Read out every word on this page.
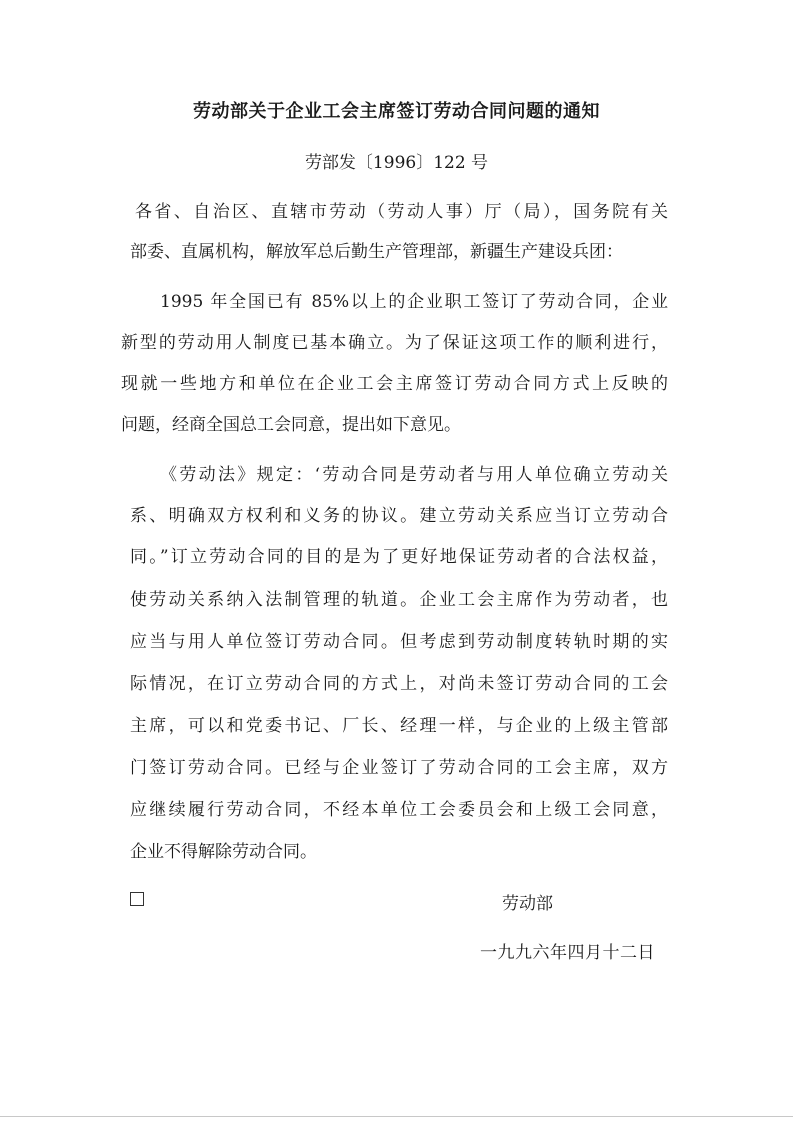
劳动部关于企业工会主席签订劳动合同问题的通知
劳部发〔1996〕122 号
各省、自治区、直辖市劳动（劳动人事）厅（局），国务院有关
部委、直属机构，解放军总后勤生产管理部，新疆生产建设兵团：
1995 年全国已有 85%以上的企业职工签订了劳动合同，企业
新型的劳动用人制度已基本确立。为了保证这项工作的顺利进行，
现就一些地方和单位在企业工会主席签订劳动合同方式上反映的
问题，经商全国总工会同意，提出如下意见。
《劳动法》规定：‘劳动合同是劳动者与用人单位确立劳动关
系、明确双方权利和义务的协议。建立劳动关系应当订立劳动合
同。”订立劳动合同的目的是为了更好地保证劳动者的合法权益，
使劳动关系纳入法制管理的轨道。企业工会主席作为劳动者，也
应当与用人单位签订劳动合同。但考虑到劳动制度转轨时期的实
际情况，在订立劳动合同的方式上，对尚未签订劳动合同的工会
主席，可以和党委书记、厂长、经理一样，与企业的上级主管部
门签订劳动合同。已经与企业签订了劳动合同的工会主席，双方
应继续履行劳动合同，不经本单位工会委员会和上级工会同意，
企业不得解除劳动合同。
劳动部
一九九六年四月十二日
